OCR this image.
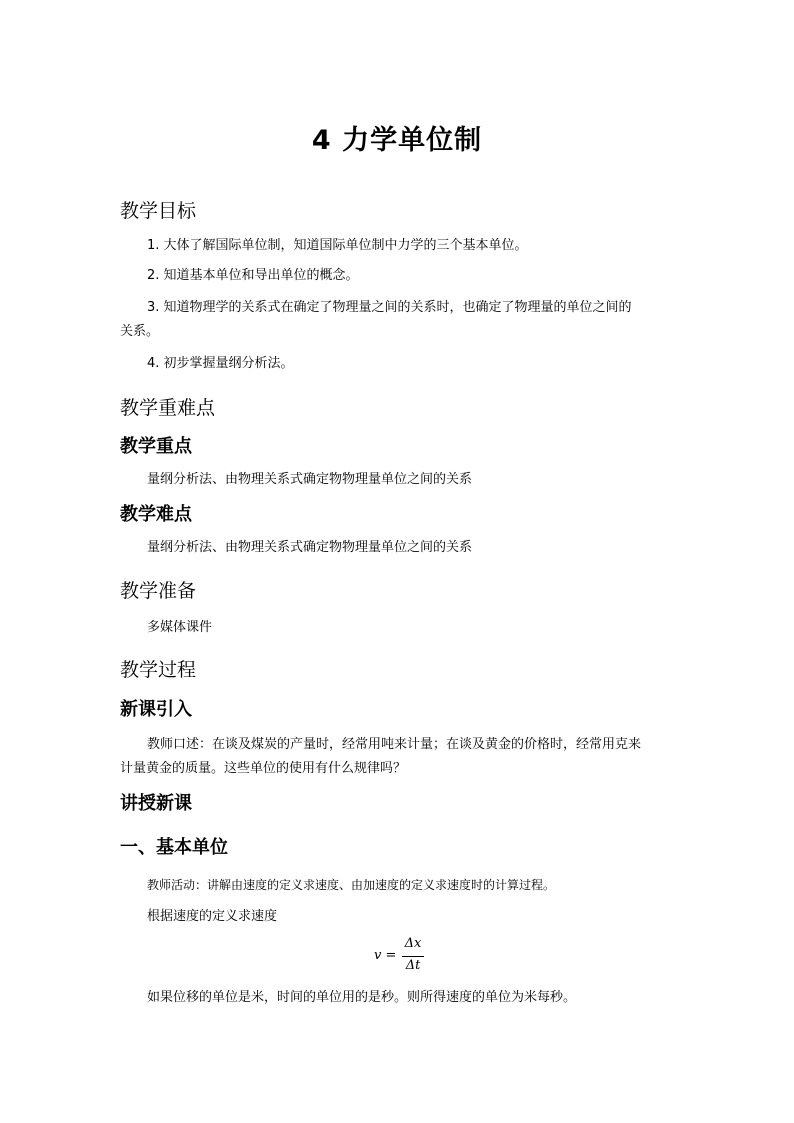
4 力学单位制
教学目标
1. 大体了解国际单位制，知道国际单位制中力学的三个基本单位。
2. 知道基本单位和导出单位的概念。
3. 知道物理学的关系式在确定了物理量之间的关系时，也确定了物理量的单位之间的
关系。
4. 初步掌握量纲分析法。
教学重难点
教学重点
量纲分析法、由物理关系式确定物物理量单位之间的关系
教学难点
量纲分析法、由物理关系式确定物物理量单位之间的关系
教学准备
多媒体课件
教学过程
新课引入
教师口述：在谈及煤炭的产量时，经常用吨来计量；在谈及黄金的价格时，经常用克来
计量黄金的质量。这些单位的使用有什么规律吗？
讲授新课
一、基本单位
教师活动：讲解由速度的定义求速度、由加速度的定义求速度时的计算过程。
根据速度的定义求速度
v =
Δx
Δt
如果位移的单位是米，时间的单位用的是秒。则所得速度的单位为米每秒。
